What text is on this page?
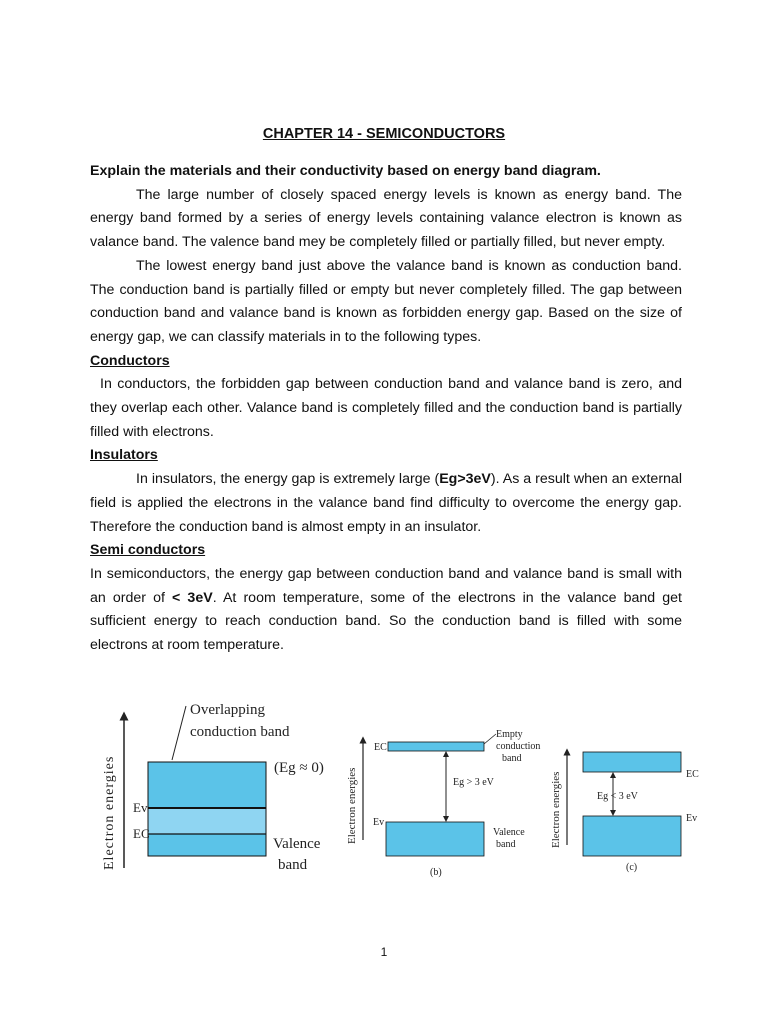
CHAPTER 14 - SEMICONDUCTORS

Explain the materials and their conductivity based on energy band diagram.

The large number of closely spaced energy levels is known as energy band. The energy band formed by a series of energy levels containing valance electron is known as valance band. The valence band mey be completely filled or partially filled, but never empty.

The lowest energy band just above the valance band is known as conduction band. The conduction band is partially filled or empty but never completely filled. The gap between conduction band and valance band is known as forbidden energy gap. Based on the size of energy gap, we can classify materials in to the following types.

Conductors

In conductors, the forbidden gap between conduction band and valance band is zero, and they overlap each other. Valance band is completely filled and the conduction band is partially filled with electrons.

Insulators

In insulators, the energy gap is extremely large (Eg>3eV). As a result when an external field is applied the electrons in the valance band find difficulty to overcome the energy gap. Therefore the conduction band is almost empty in an insulator.

Semi conductors

In semiconductors, the energy gap between conduction band and valance band is small with an order of < 3eV. At room temperature, some of the electrons in the valance band get sufficient energy to reach conduction band. So the conduction band is filled with some electrons at room temperature.

Electron energies
Overlapping
conduction band
(Eg ≈ 0)
Ev
EC
Valence
band
Electron energies
EC
Ev
Empty
conduction
band
Eg > 3 eV
Valence
band
(b)
Electron energies	EC
Ev
Eg < 3 eV
(c)
1
